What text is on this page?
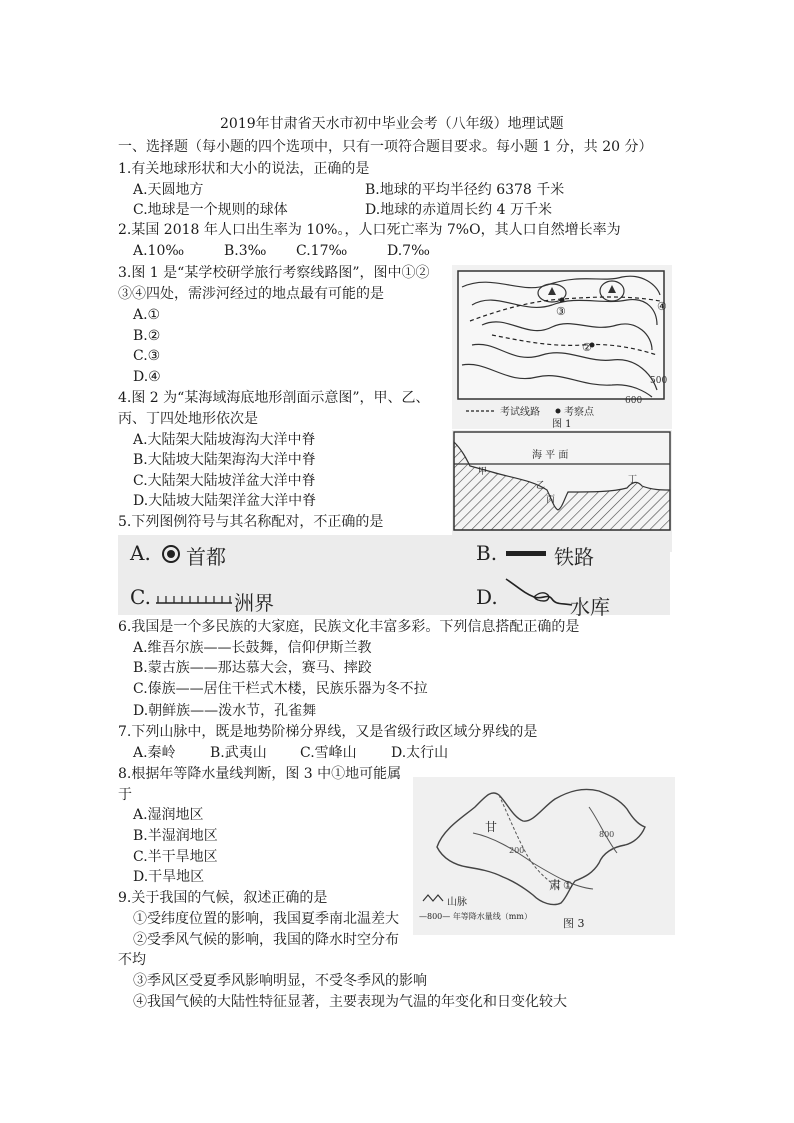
2019年甘肃省天水市初中毕业会考（八年级）地理试题
一、选择题（每小题的四个选项中，只有一项符合题目要求。每小题 1 分，共 20 分）
1.有关地球形状和大小的说法，正确的是
A.天圆地方	B.地球的平均半径约 6378 千米
C.地球是一个规则的球体	D.地球的赤道周长约 4 万千米
2.某国 2018 年人口出生率为 10%。，人口死亡率为 7%O，其人口自然增长率为
A.10‰	B.3‰ C.17‰	D.7‰
3.图 1 是“某学校研学旅行考察线路图”，图中①②
③④四处，需涉河经过的地点最有可能的是
A.①
B.②
C.③
D.④
4.图 2 为“某海域海底地形剖面示意图”，甲、乙、
丙、丁四处地形依次是
A.大陆架大陆坡海沟大洋中脊
B.大陆坡大陆架海沟大洋中脊
C.大陆架大陆坡洋盆大洋中脊
D.大陆坡大陆架洋盆大洋中脊
5.下列图例符号与其名称配对，不正确的是
600
500
③
②
④
考试线路 考察点
图 1
海 平 面
甲
乙
丙
丁
A. 首都	B.	铁路
C.	洲界	D.	水库
6.我国是一个多民族的大家庭，民族文化丰富多彩。下列信息搭配正确的是
A.维吾尔族——长鼓舞，信仰伊斯兰教
B.蒙古族——那达慕大会，赛马、摔跤
C.傣族——居住干栏式木楼，民族乐器为冬不拉
D.朝鲜族——泼水节，孔雀舞
7.下列山脉中，既是地势阶梯分界线，又是省级行政区域分界线的是
A.秦岭 B.武夷山 C.雪峰山 D.太行山
8.根据年等降水量线判断，图 3 中①地可能属
于
A.湿润地区
B.半湿润地区
C.半干旱地区
D.干旱地区
甘
肃 ①
800
200
山脉
—800— 年等降水量线（mm）
图 3
9.关于我国的气候，叙述正确的是
①受纬度位置的影响，我国夏季南北温差大
②受季风气候的影响，我国的降水时空分布
不均
③季风区受夏季风影响明显，不受冬季风的影响
④我国气候的大陆性特征显著，主要表现为气温的年变化和日变化较大
